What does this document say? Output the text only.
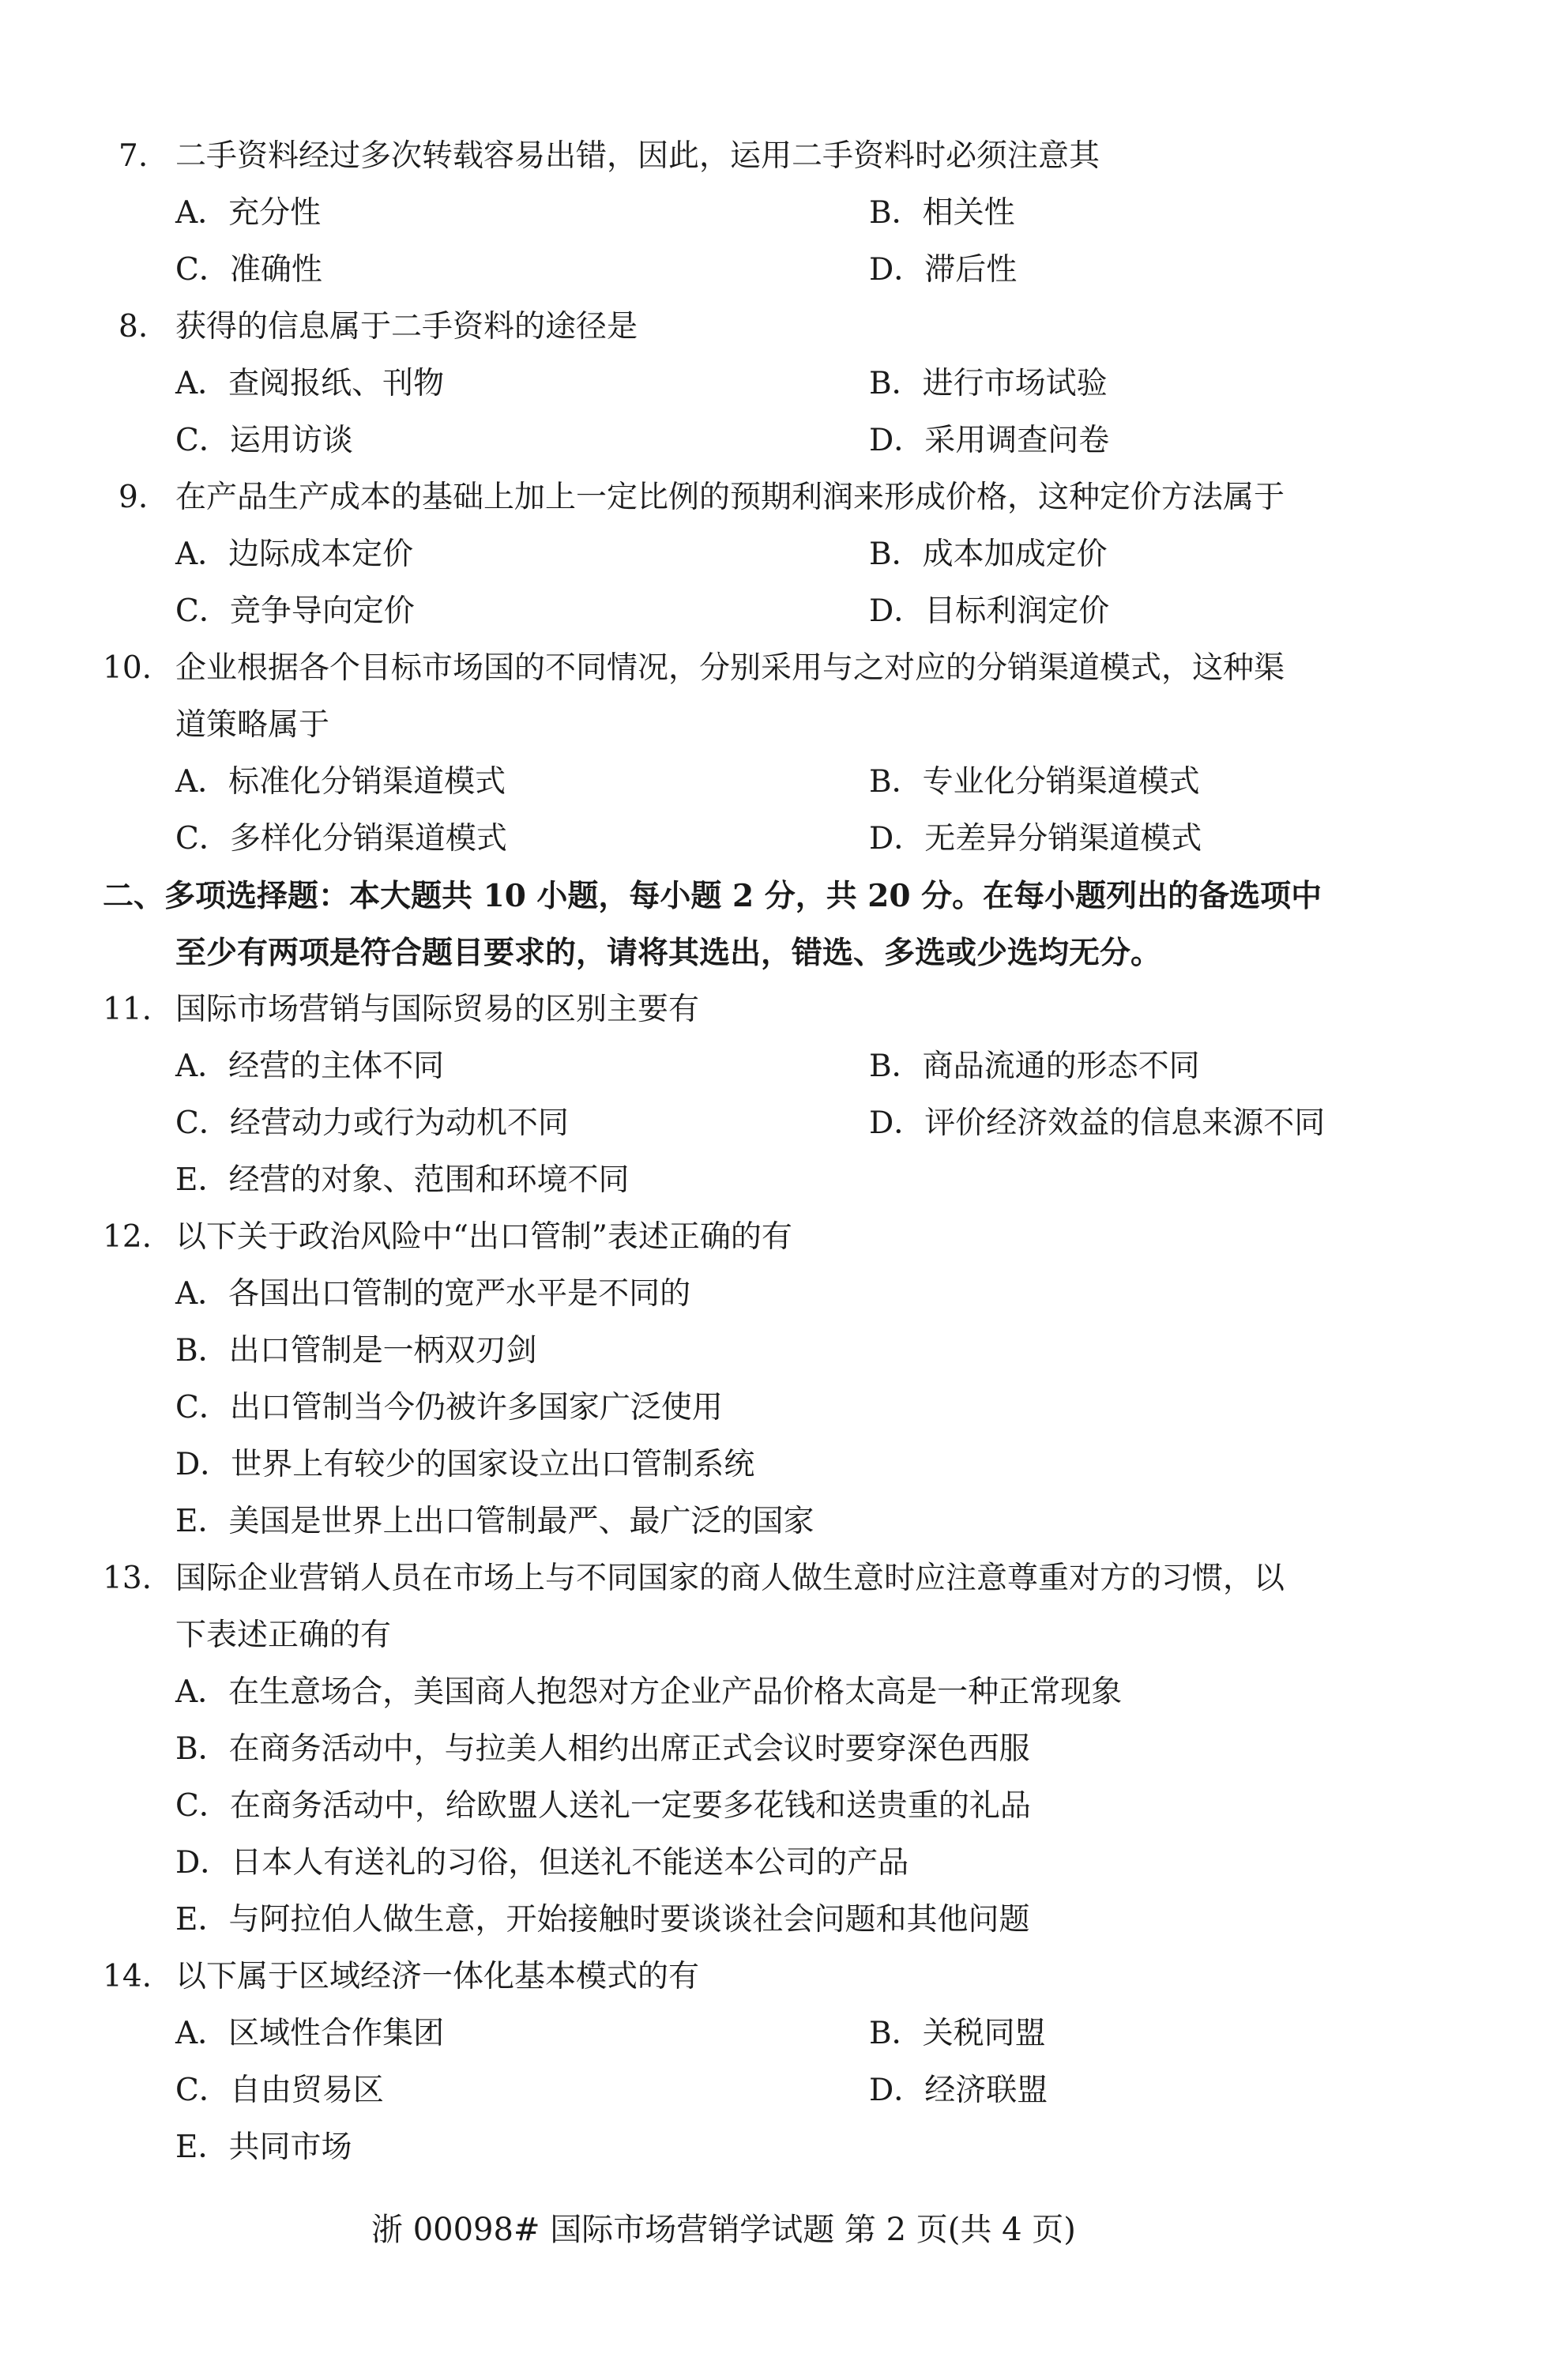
7. 二手资料经过多次转载容易出错，因此，运用二手资料时必须注意其
A．充分性	B．相关性
C．准确性	D．滞后性
8. 获得的信息属于二手资料的途径是
A．查阅报纸、刊物	B．进行市场试验
C．运用访谈	D．采用调查问卷
9. 在产品生产成本的基础上加上一定比例的预期利润来形成价格，这种定价方法属于
A．边际成本定价	B．成本加成定价
C．竞争导向定价	D．目标利润定价
10. 企业根据各个目标市场国的不同情况，分别采用与之对应的分销渠道模式，这种渠
道策略属于
A．标准化分销渠道模式	B．专业化分销渠道模式
C．多样化分销渠道模式	D．无差异分销渠道模式
二、多项选择题：本大题共 10 小题，每小题 2 分，共 20 分。在每小题列出的备选项中
至少有两项是符合题目要求的，请将其选出，错选、多选或少选均无分。
11. 国际市场营销与国际贸易的区别主要有
A．经营的主体不同	B．商品流通的形态不同
C．经营动力或行为动机不同	D．评价经济效益的信息来源不同
E．经营的对象、范围和环境不同
12. 以下关于政治风险中“出口管制”表述正确的有
A．各国出口管制的宽严水平是不同的
B．出口管制是一柄双刃剑
C．出口管制当今仍被许多国家广泛使用
D．世界上有较少的国家设立出口管制系统
E．美国是世界上出口管制最严、最广泛的国家
13. 国际企业营销人员在市场上与不同国家的商人做生意时应注意尊重对方的习惯，以
下表述正确的有
A．在生意场合，美国商人抱怨对方企业产品价格太高是一种正常现象
B．在商务活动中，与拉美人相约出席正式会议时要穿深色西服
C．在商务活动中，给欧盟人送礼一定要多花钱和送贵重的礼品
D．日本人有送礼的习俗，但送礼不能送本公司的产品
E．与阿拉伯人做生意，开始接触时要谈谈社会问题和其他问题
14. 以下属于区域经济一体化基本模式的有
A．区域性合作集团	B．关税同盟
C．自由贸易区	D．经济联盟
E．共同市场
浙 00098# 国际市场营销学试题 第 2 页(共 4 页)
